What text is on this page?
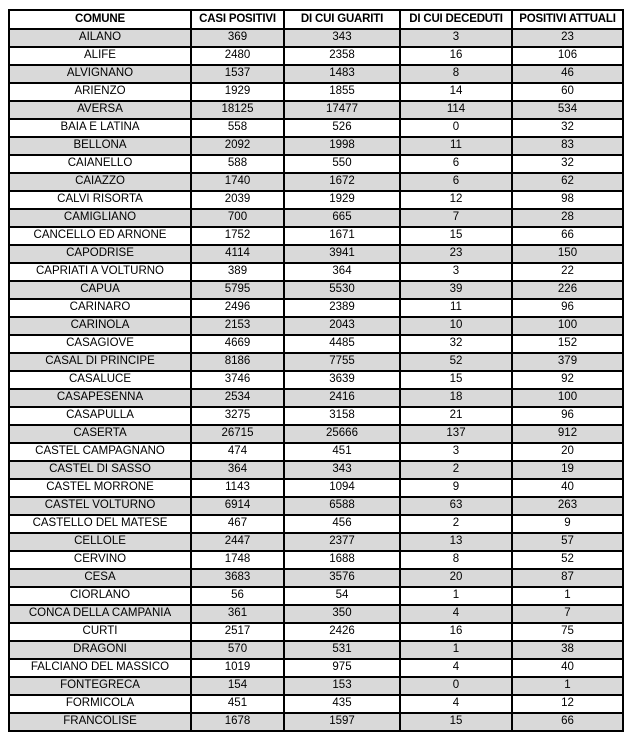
COMUNE	CASI POSITIVI	DI CUI GUARITI	DI CUI DECEDUTI	POSITIVI ATTUALI
AILANO	369	343	3	23
ALIFE	2480	2358	16	106
ALVIGNANO	1537	1483	8	46
ARIENZO	1929	1855	14	60
AVERSA	18125	17477	114	534
BAIA E LATINA	558	526	0	32
BELLONA	2092	1998	11	83
CAIANELLO	588	550	6	32
CAIAZZO	1740	1672	6	62
CALVI RISORTA	2039	1929	12	98
CAMIGLIANO	700	665	7	28
CANCELLO ED ARNONE	1752	1671	15	66
CAPODRISE	4114	3941	23	150
CAPRIATI A VOLTURNO	389	364	3	22
CAPUA	5795	5530	39	226
CARINARO	2496	2389	11	96
CARINOLA	2153	2043	10	100
CASAGIOVE	4669	4485	32	152
CASAL DI PRINCIPE	8186	7755	52	379
CASALUCE	3746	3639	15	92
CASAPESENNA	2534	2416	18	100
CASAPULLA	3275	3158	21	96
CASERTA	26715	25666	137	912
CASTEL CAMPAGNANO	474	451	3	20
CASTEL DI SASSO	364	343	2	19
CASTEL MORRONE	1143	1094	9	40
CASTEL VOLTURNO	6914	6588	63	263
CASTELLO DEL MATESE	467	456	2	9
CELLOLE	2447	2377	13	57
CERVINO	1748	1688	8	52
CESA	3683	3576	20	87
CIORLANO	56	54	1	1
CONCA DELLA CAMPANIA	361	350	4	7
CURTI	2517	2426	16	75
DRAGONI	570	531	1	38
FALCIANO DEL MASSICO	1019	975	4	40
FONTEGRECA	154	153	0	1
FORMICOLA	451	435	4	12
FRANCOLISE	1678	1597	15	66
